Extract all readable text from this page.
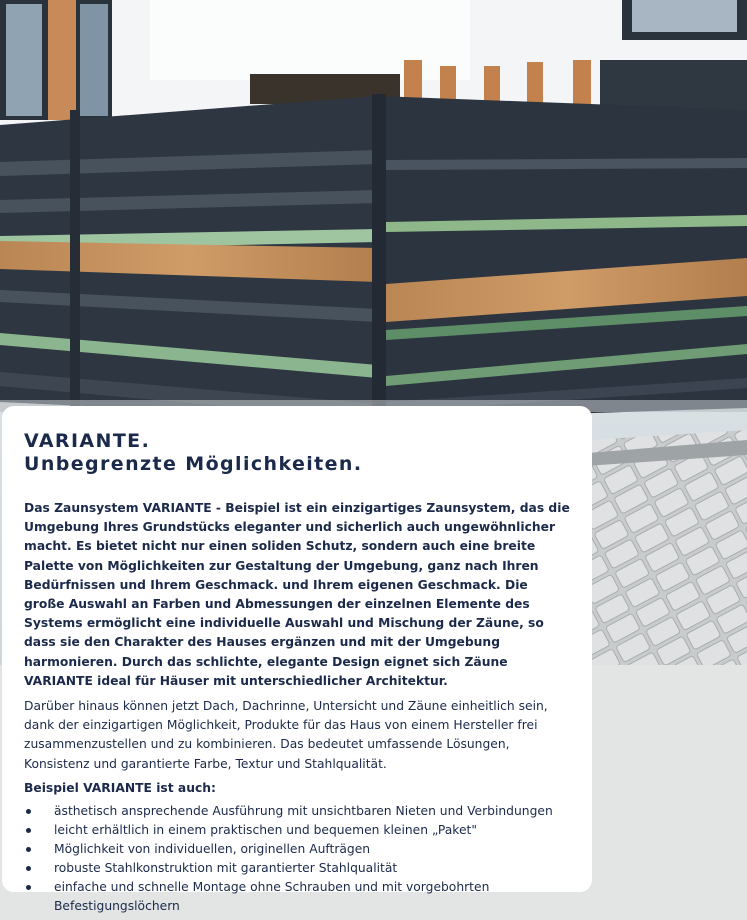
VARIANTE.
Unbegrenzte Möglichkeiten.

Das Zaunsystem VARIANTE - Beispiel ist ein einzigartiges Zaunsystem, das die Umgebung Ihres Grundstücks eleganter und sicherlich auch ungewöhnlicher macht. Es bietet nicht nur einen soliden Schutz, sondern auch eine breite Palette von Möglichkeiten zur Gestaltung der Umgebung, ganz nach Ihren Bedürfnissen und Ihrem Geschmack. und Ihrem eigenen Geschmack. Die große Auswahl an Farben und Abmessungen der einzelnen Elemente des Systems ermöglicht eine individuelle Auswahl und Mischung der Zäune, so dass sie den Charakter des Hauses ergänzen und mit der Umgebung harmonieren. Durch das schlichte, elegante Design eignet sich Zäune VARIANTE ideal für Häuser mit unterschiedlicher Architektur.

Darüber hinaus können jetzt Dach, Dachrinne, Untersicht und Zäune einheitlich sein, dank der einzigartigen Möglichkeit, Produkte für das Haus von einem Hersteller frei zusammenzustellen und zu kombinieren. Das bedeutet umfassende Lösungen, Konsistenz und garantierte Farbe, Textur und Stahlqualität.

Beispiel VARIANTE ist auch:

ästhetisch ansprechende Ausführung mit unsichtbaren Nieten und Verbindungen
leicht erhältlich in einem praktischen und bequemen kleinen „Paket"
Möglichkeit von individuellen, originellen Aufträgen
robuste Stahlkonstruktion mit garantierter Stahlqualität
einfache und schnelle Montage ohne Schrauben und mit vorgebohrten Befestigungslöchern
